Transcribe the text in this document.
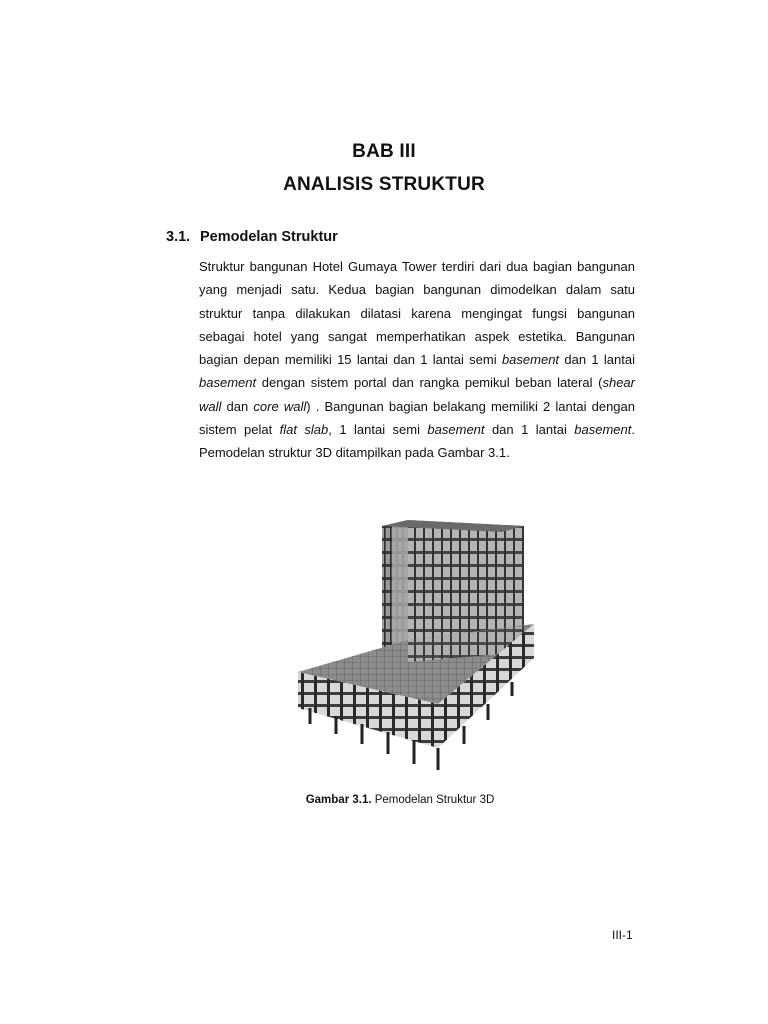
BAB III
ANALISIS STRUKTUR
3.1. Pemodelan Struktur

Struktur bangunan Hotel Gumaya Tower terdiri dari dua bagian bangunan yang menjadi satu. Kedua bagian bangunan dimodelkan dalam satu struktur tanpa dilakukan dilatasi karena mengingat fungsi bangunan sebagai hotel yang sangat memperhatikan aspek estetika. Bangunan bagian depan memiliki 15 lantai dan 1 lantai semi basement dan 1 lantai basement dengan sistem portal dan rangka pemikul beban lateral (shear wall dan core wall) . Bangunan bagian belakang memiliki 2 lantai dengan sistem pelat flat slab, 1 lantai semi basement dan 1 lantai basement. Pemodelan struktur 3D ditampilkan pada Gambar 3.1.

Gambar 3.1. Pemodelan Struktur 3D
III-1
